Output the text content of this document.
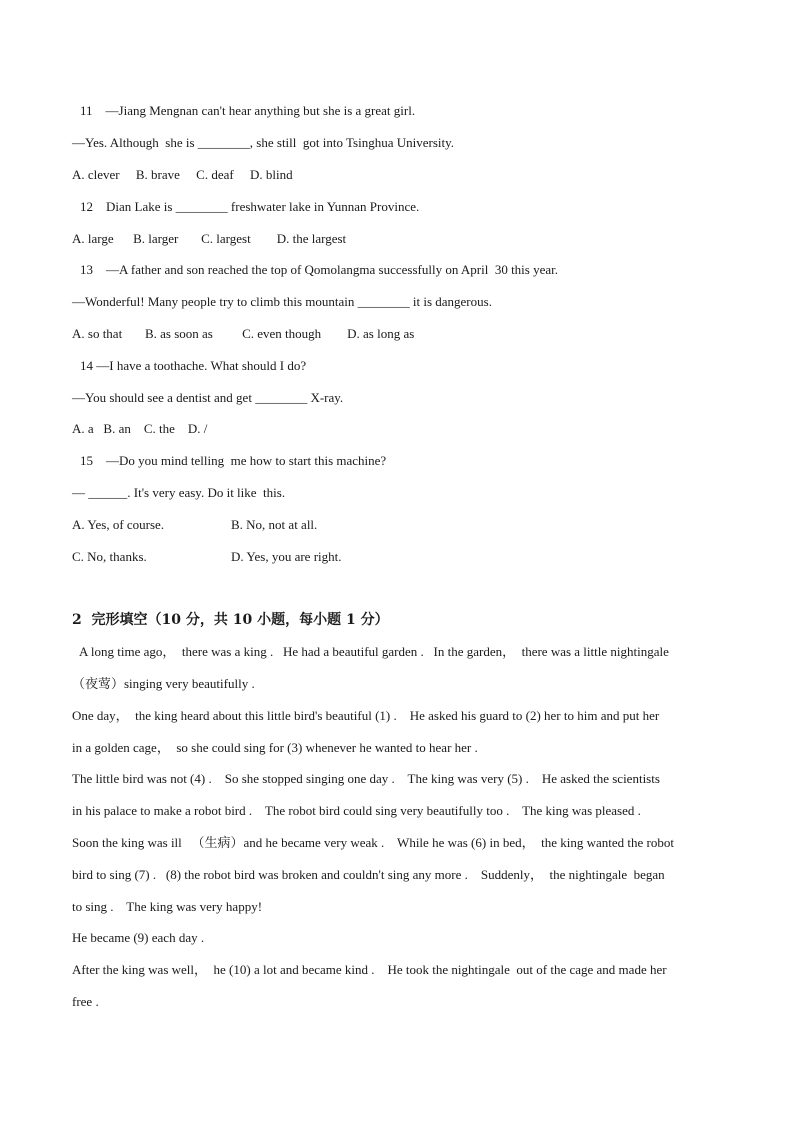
11    —Jiang Mengnan can't hear anything but she is a great girl.
—Yes. Although  she is ________, she still  got into Tsinghua University.
A. clever     B. brave     C. deaf     D. blind
12    Dian Lake is ________ freshwater lake in Yunnan Province.
A. large      B. larger       C. largest        D. the largest
13    —A father and son reached the top of Qomolangma successfully on April  30 this year.
—Wonderful! Many people try to climb this mountain ________ it is dangerous.
A. so that       B. as soon as         C. even though        D. as long as
14 —I have a toothache. What should I do?
—You should see a dentist and get ________ X-ray.
A. a   B. an    C. the    D. /
15    —Do you mind telling  me how to start this machine?
— ______. It's very easy. Do it like  this.
A. Yes, of course.	B. No, not at all.
C. No, thanks.	D. Yes, you are right.
2  完形填空（10 分，共 10 小题，每小题 1 分）
A long time ago，  there was a king .   He had a beautiful garden .   In the garden，  there was a little nightingale
（夜莺）singing very beautifully .
One day，  the king heard about this little bird's beautiful (1) .    He asked his guard to (2) her to him and put her
in a golden cage，  so she could sing for (3) whenever he wanted to hear her .
The little bird was not (4) .    So she stopped singing one day .    The king was very (5) .    He asked the scientists
in his palace to make a robot bird .    The robot bird could sing very beautifully too .    The king was pleased .
Soon the king was ill   （生病）and he became very weak .    While he was (6) in bed，  the king wanted the robot
bird to sing (7) .   (8) the robot bird was broken and couldn't sing any more .    Suddenly，  the nightingale  began
to sing .    The king was very happy!
He became (9) each day .
After the king was well，  he (10) a lot and became kind .    He took the nightingale  out of the cage and made her
free .
